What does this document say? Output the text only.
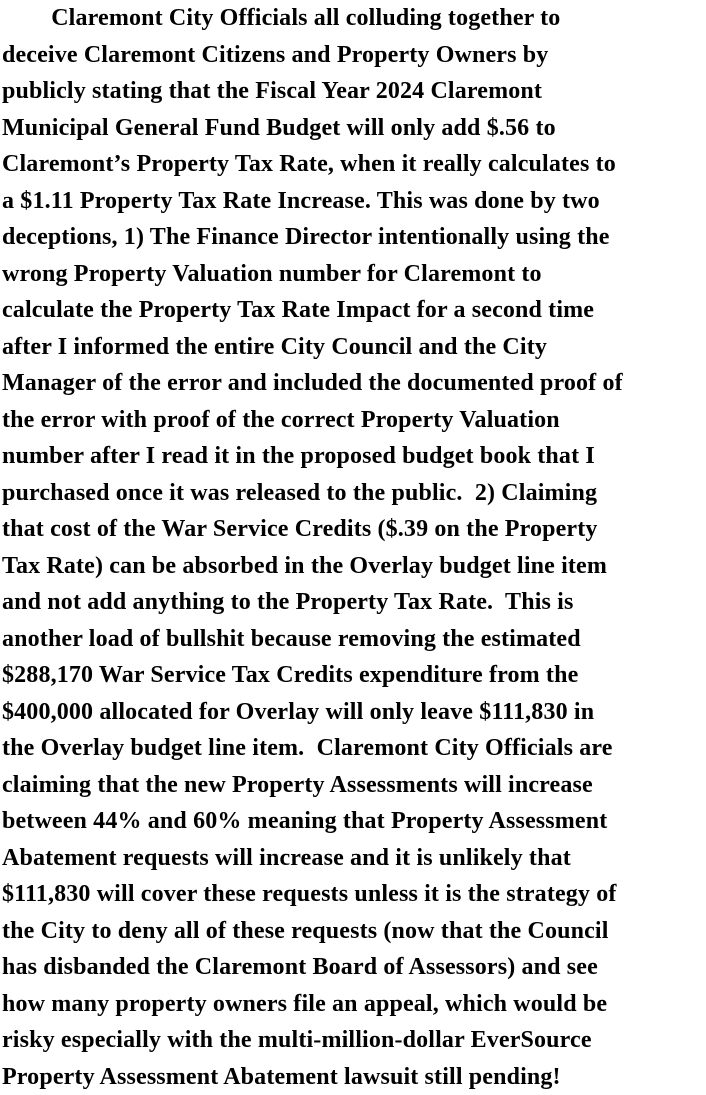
Claremont City Officials all colluding together to
deceive Claremont Citizens and Property Owners by
publicly stating that the Fiscal Year 2024 Claremont
Municipal General Fund Budget will only add $.56 to
Claremont’s Property Tax Rate, when it really calculates to
a $1.11 Property Tax Rate Increase. This was done by two
deceptions, 1) The Finance Director intentionally using the
wrong Property Valuation number for Claremont to
calculate the Property Tax Rate Impact for a second time
after I informed the entire City Council and the City
Manager of the error and included the documented proof of
the error with proof of the correct Property Valuation
number after I read it in the proposed budget book that I
purchased once it was released to the public.  2) Claiming
that cost of the War Service Credits ($.39 on the Property
Tax Rate) can be absorbed in the Overlay budget line item
and not add anything to the Property Tax Rate.  This is
another load of bullshit because removing the estimated
$288,170 War Service Tax Credits expenditure from the
$400,000 allocated for Overlay will only leave $111,830 in
the Overlay budget line item.  Claremont City Officials are
claiming that the new Property Assessments will increase
between 44% and 60% meaning that Property Assessment
Abatement requests will increase and it is unlikely that
$111,830 will cover these requests unless it is the strategy of
the City to deny all of these requests (now that the Council
has disbanded the Claremont Board of Assessors) and see
how many property owners file an appeal, which would be
risky especially with the multi-million-dollar EverSource
Property Assessment Abatement lawsuit still pending!
